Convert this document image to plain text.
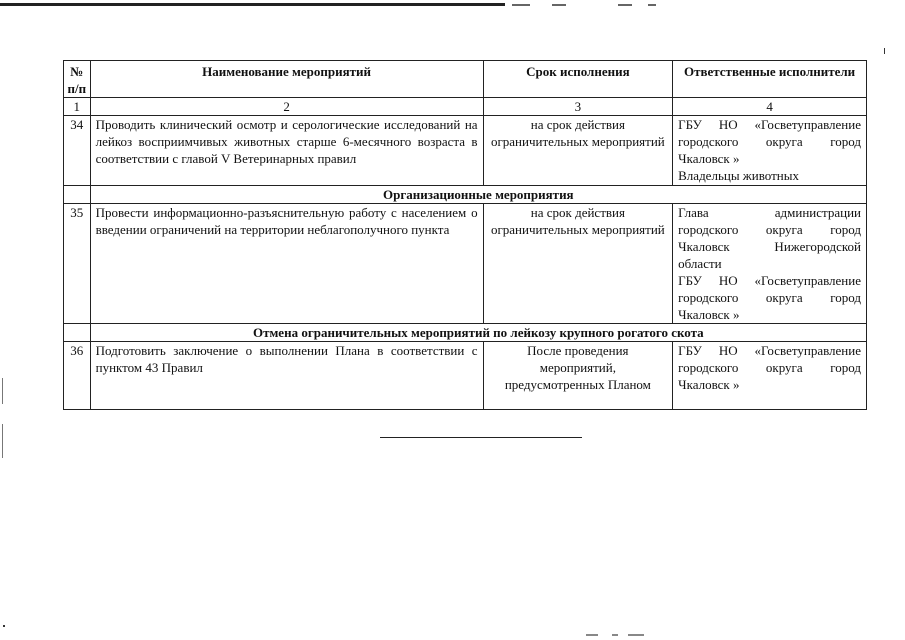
№ п/п	Наименование мероприятий	Срок исполнения	Ответственные исполнители
1	2	3	4
34	Проводить клинический осмотр и серологические исследований на лейкоз восприимчивых животных старше 6-месячного возраста в соответствии с главой V Ветеринарных правил	на срок действия ограничительных мероприятий	ГБУ НО «Госветуправление городского округа город Чкаловск »
Владельцы животных

	Организационные мероприятия		
35	Провести информационно-разъяснительную работу с населением о введении ограничений на территории неблагополучного пункта	на срок действия ограничительных мероприятий	Глава администрации городского округа город Чкаловск Нижегородской области
ГБУ НО «Госветуправление городского округа город Чкаловск »

	Отмена ограничительных мероприятий по лейкозу крупного рогатого скота		
36	Подготовить заключение о выполнении Плана в соответствии с пунктом 43 Правил	После проведения мероприятий, предусмотренных Планом	ГБУ НО «Госветуправление городского округа город Чкаловск »
